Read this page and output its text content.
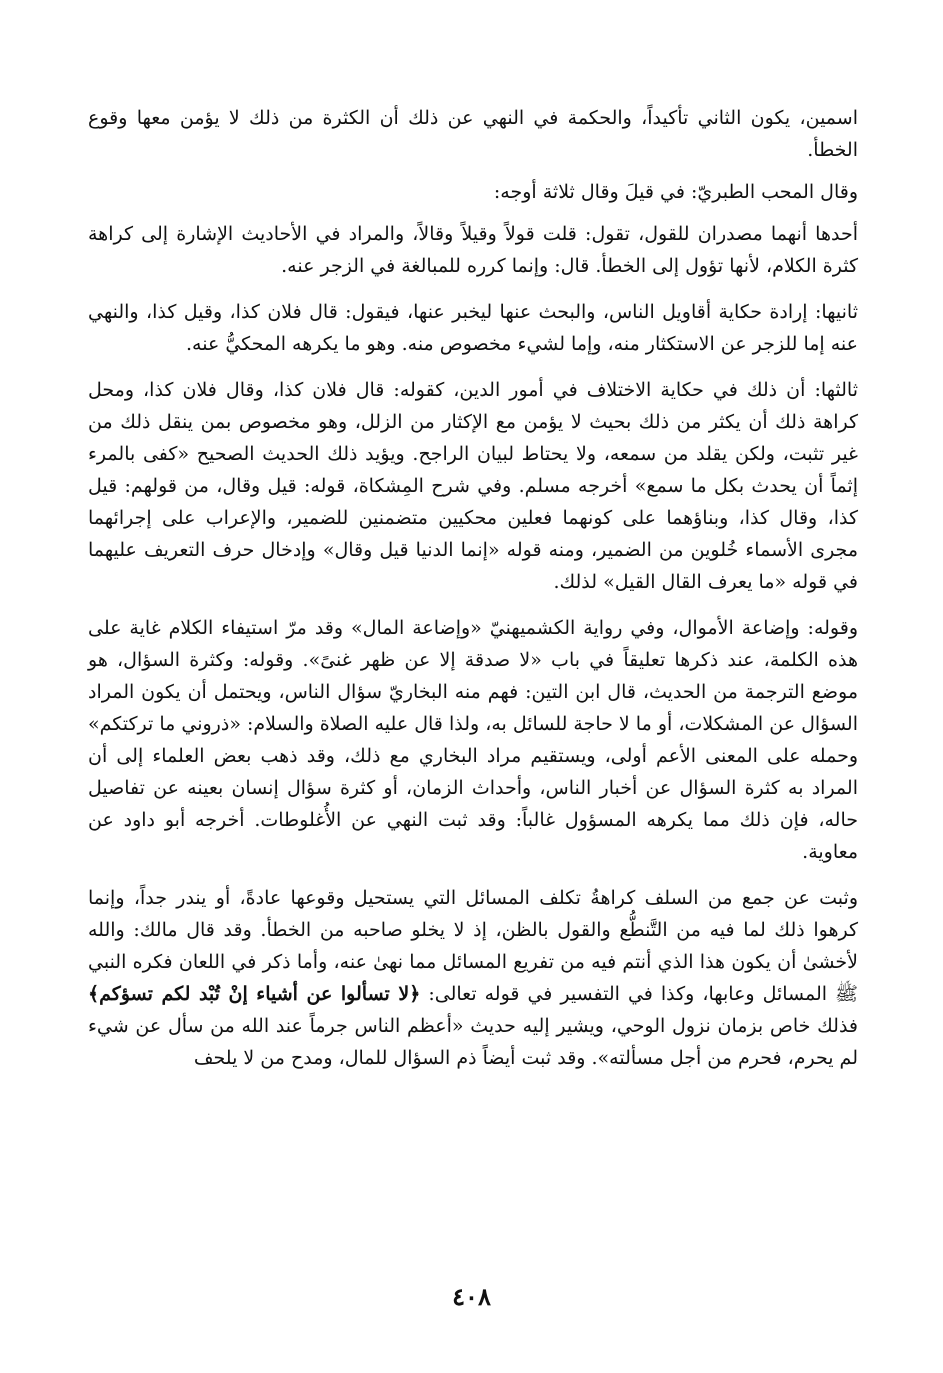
اسمين، يكون الثاني تأكيداً، والحكمة في النهي عن ذلك أن الكثرة من ذلك لا يؤمن معها وقوع الخطأ.

وقال المحب الطبريّ: في قيلَ وقال ثلاثة أوجه:

أحدها أنهما مصدران للقول، تقول: قلت قولاً وقيلاً وقالاً، والمراد في الأحاديث الإشارة إلى كراهة كثرة الكلام، لأنها تؤول إلى الخطأ. قال: وإنما كرره للمبالغة في الزجر عنه.

ثانيها: إرادة حكاية أقاويل الناس، والبحث عنها ليخبر عنها، فيقول: قال فلان كذا، وقيل كذا، والنهي عنه إما للزجر عن الاستكثار منه، وإما لشيء مخصوص منه. وهو ما يكرهه المحكيُّ عنه.

ثالثها: أن ذلك في حكاية الاختلاف في أمور الدين، كقوله: قال فلان كذا، وقال فلان كذا، ومحل كراهة ذلك أن يكثر من ذلك بحيث لا يؤمن مع الإكثار من الزلل، وهو مخصوص بمن ينقل ذلك من غير تثبت، ولكن يقلد من سمعه، ولا يحتاط لبيان الراجح. ويؤيد ذلك الحديث الصحيح «كفى بالمرء إثماً أن يحدث بكل ما سمع» أخرجه مسلم. وفي شرح المِشكاة، قوله: قيل وقال، من قولهم: قيل كذا، وقال كذا، وبناؤهما على كونهما فعلين محكيين متضمنين للضمير، والإعراب على إجرائهما مجرى الأسماء خُلوين من الضمير، ومنه قوله «إنما الدنيا قيل وقال» وإدخال حرف التعريف عليهما في قوله «ما يعرف القال القيل» لذلك.

وقوله: وإضاعة الأموال، وفي رواية الكشميهنيّ «وإضاعة المال» وقد مرّ استيفاء الكلام غاية على هذه الكلمة، عند ذكرها تعليقاً في باب «لا صدقة إلا عن ظهر غنىً». وقوله: وكثرة السؤال، هو موضع الترجمة من الحديث، قال ابن التين: فهم منه البخاريّ سؤال الناس، ويحتمل أن يكون المراد السؤال عن المشكلات، أو ما لا حاجة للسائل به، ولذا قال عليه الصلاة والسلام: «ذروني ما تركتكم» وحمله على المعنى الأعم أولى، ويستقيم مراد البخاري مع ذلك، وقد ذهب بعض العلماء إلى أن المراد به كثرة السؤال عن أخبار الناس، وأحداث الزمان، أو كثرة سؤال إنسان بعينه عن تفاصيل حاله، فإن ذلك مما يكرهه المسؤول غالباً: وقد ثبت النهي عن الأُغلوطات. أخرجه أبو داود عن معاوية.

وثبت عن جمع من السلف كراهةُ تكلف المسائل التي يستحيل وقوعها عادةً، أو يندر جداً، وإنما كرهوا ذلك لما فيه من التَّنطُّع والقول بالظن، إذ لا يخلو صاحبه من الخطأ. وقد قال مالك: والله لأخشىٰ أن يكون هذا الذي أنتم فيه من تفريع المسائل مما نهىٰ عنه، وأما ذكر في اللعان فكره النبي ﷺ المسائل وعابها، وكذا في التفسير في قوله تعالى: ﴿لا تسألوا عن أشياء إنْ تُبْد لكم تسؤكم﴾ فذلك خاص بزمان نزول الوحي، ويشير إليه حديث «أعظم الناس جرماً عند الله من سأل عن شيء لم يحرم، فحرم من أجل مسألته». وقد ثبت أيضاً ذم السؤال للمال، ومدح من لا يلحف

٤٠٨
